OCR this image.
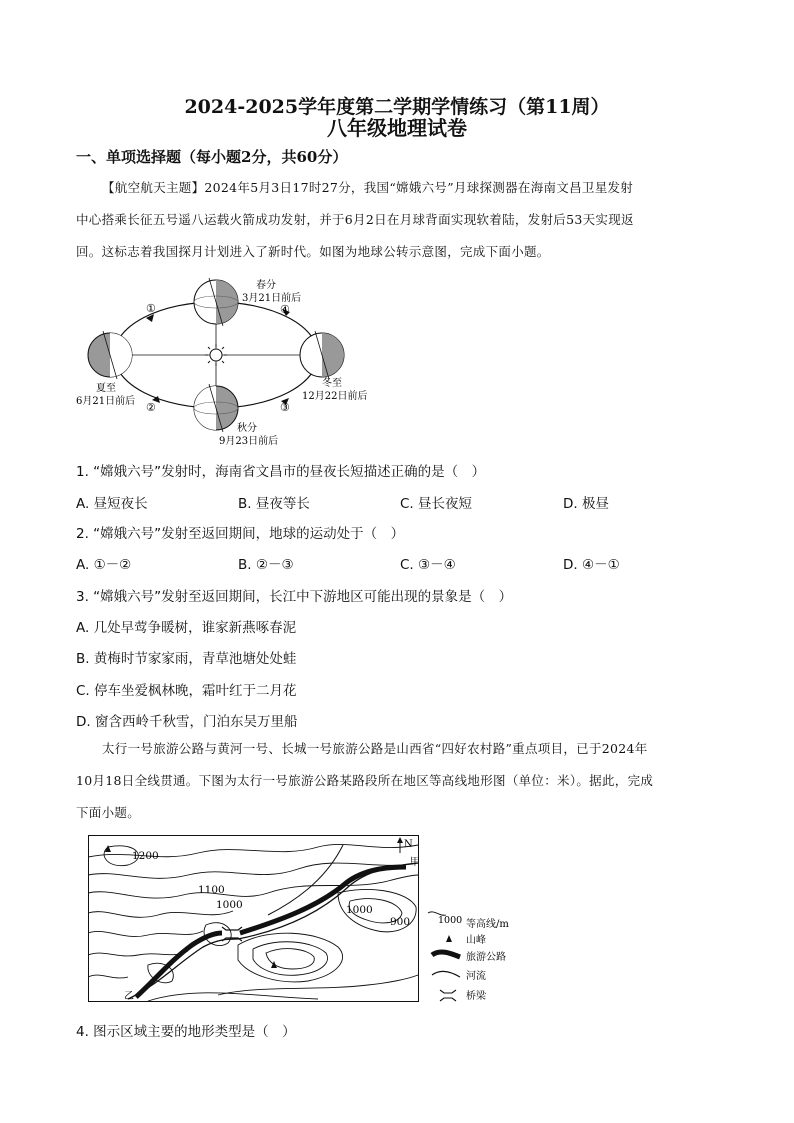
2024-2025学年度第二学期学情练习（第11周）
八年级地理试卷
一、单项选择题（每小题2分，共60分）
【航空航天主题】2024年5月3日17时27分，我国“嫦娥六号”月球探测器在海南文昌卫星发射
中心搭乘长征五号遥八运载火箭成功发射，并于6月2日在月球背面实现软着陆，发射后53天实现返
回。这标志着我国探月计划进入了新时代。如图为地球公转示意图，完成下面小题。
①
②	③
④
春分
3月21日前后
夏至
6月21日前后
秋分
9月23日前后
冬至
12月22日前后
1. “嫦娥六号”发射时，海南省文昌市的昼夜长短描述正确的是（　）
A. 昼短夜长	B. 昼夜等长	C. 昼长夜短	D. 极昼
2. “嫦娥六号”发射至返回期间，地球的运动处于（　）
A. ①－②	B. ②－③	C. ③－④	D. ④－①
3. “嫦娥六号”发射至返回期间，长江中下游地区可能出现的景象是（　）
A. 几处早莺争暖树，谁家新燕啄春泥
B. 黄梅时节家家雨，青草池塘处处蛙
C. 停车坐爱枫林晚，霜叶红于二月花
D. 窗含西岭千秋雪，门泊东吴万里船
太行一号旅游公路与黄河一号、长城一号旅游公路是山西省“四好农村路”重点项目，已于2024年
10月18日全线贯通。下图为太行一号旅游公路某路段所在地区等高线地形图（单位：米）。据此，完成
下面小题。
1200
1100
1000	1000
900
甲
乙
N
1000 等高线/m
山峰
旅游公路
河流
桥梁
4. 图示区域主要的地形类型是（　）
